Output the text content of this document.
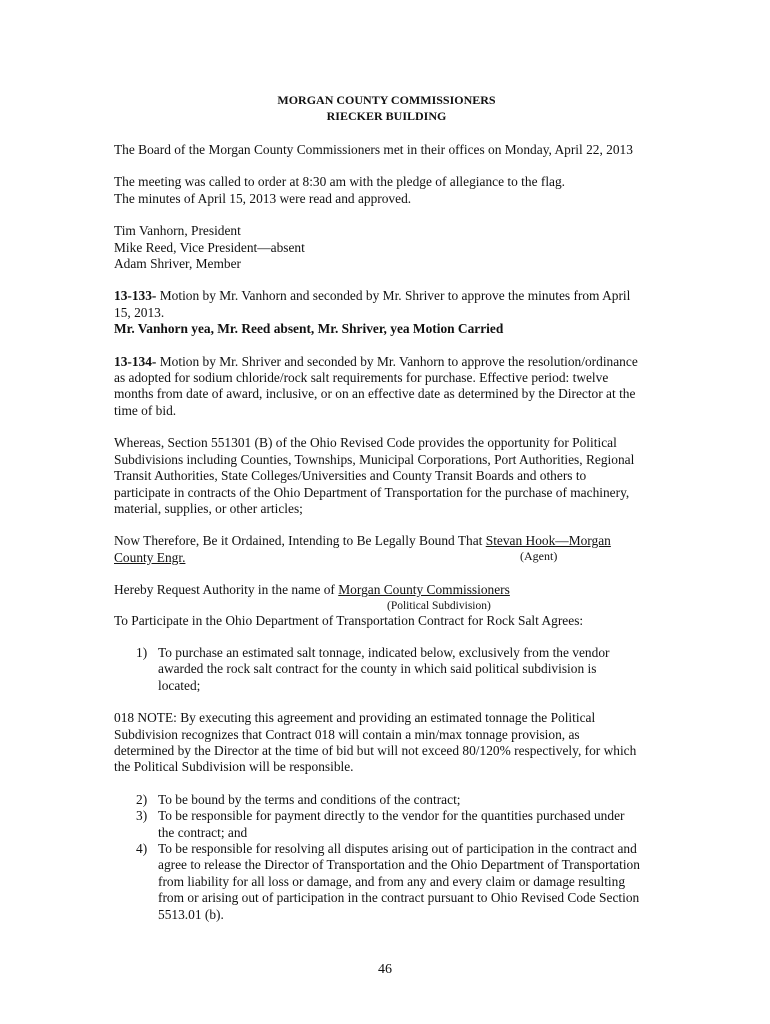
MORGAN COUNTY COMMISSIONERS
RIECKER BUILDING

The Board of the Morgan County Commissioners met in their offices on Monday, April 22, 2013

The meeting was called to order at 8:30 am with the pledge of allegiance to the flag.
The minutes of April 15, 2013 were read and approved.
Tim Vanhorn, President
Mike Reed, Vice President—absent
Adam Shriver, Member
13-133- Motion by Mr. Vanhorn and seconded by Mr. Shriver to approve the minutes from April
15, 2013.
Mr. Vanhorn yea, Mr. Reed absent, Mr. Shriver, yea Motion Carried
13-134- Motion by Mr. Shriver and seconded by Mr. Vanhorn to approve the resolution/ordinance
as adopted for sodium chloride/rock salt requirements for purchase. Effective period: twelve
months from date of award, inclusive, or on an effective date as determined by the Director at the
time of bid.
Whereas, Section 551301 (B) of the Ohio Revised Code provides the opportunity for Political
Subdivisions including Counties, Townships, Municipal Corporations, Port Authorities, Regional
Transit Authorities, State Colleges/Universities and County Transit Boards and others to
participate in contracts of the Ohio Department of Transportation for the purchase of machinery,
material, supplies, or other articles;
Now Therefore, Be it Ordained, Intending to Be Legally Bound That Stevan Hook—Morgan
County Engr.
Hereby Request Authority in the name of Morgan County Commissioners
(Political Subdivision)
To Participate in the Ohio Department of Transportation Contract for Rock Salt Agrees:
1) To purchase an estimated salt tonnage, indicated below, exclusively from the vendor
awarded the rock salt contract for the county in which said political subdivision is
located;
018 NOTE: By executing this agreement and providing an estimated tonnage the Political
Subdivision recognizes that Contract 018 will contain a min/max tonnage provision, as
determined by the Director at the time of bid but will not exceed 80/120% respectively, for which
the Political Subdivision will be responsible.
2) To be bound by the terms and conditions of the contract;
3) To be responsible for payment directly to the vendor for the quantities purchased under
the contract; and
4) To be responsible for resolving all disputes arising out of participation in the contract and
agree to release the Director of Transportation and the Ohio Department of Transportation
from liability for all loss or damage, and from any and every claim or damage resulting
from or arising out of participation in the contract pursuant to Ohio Revised Code Section
5513.01 (b).
(Agent)
46
